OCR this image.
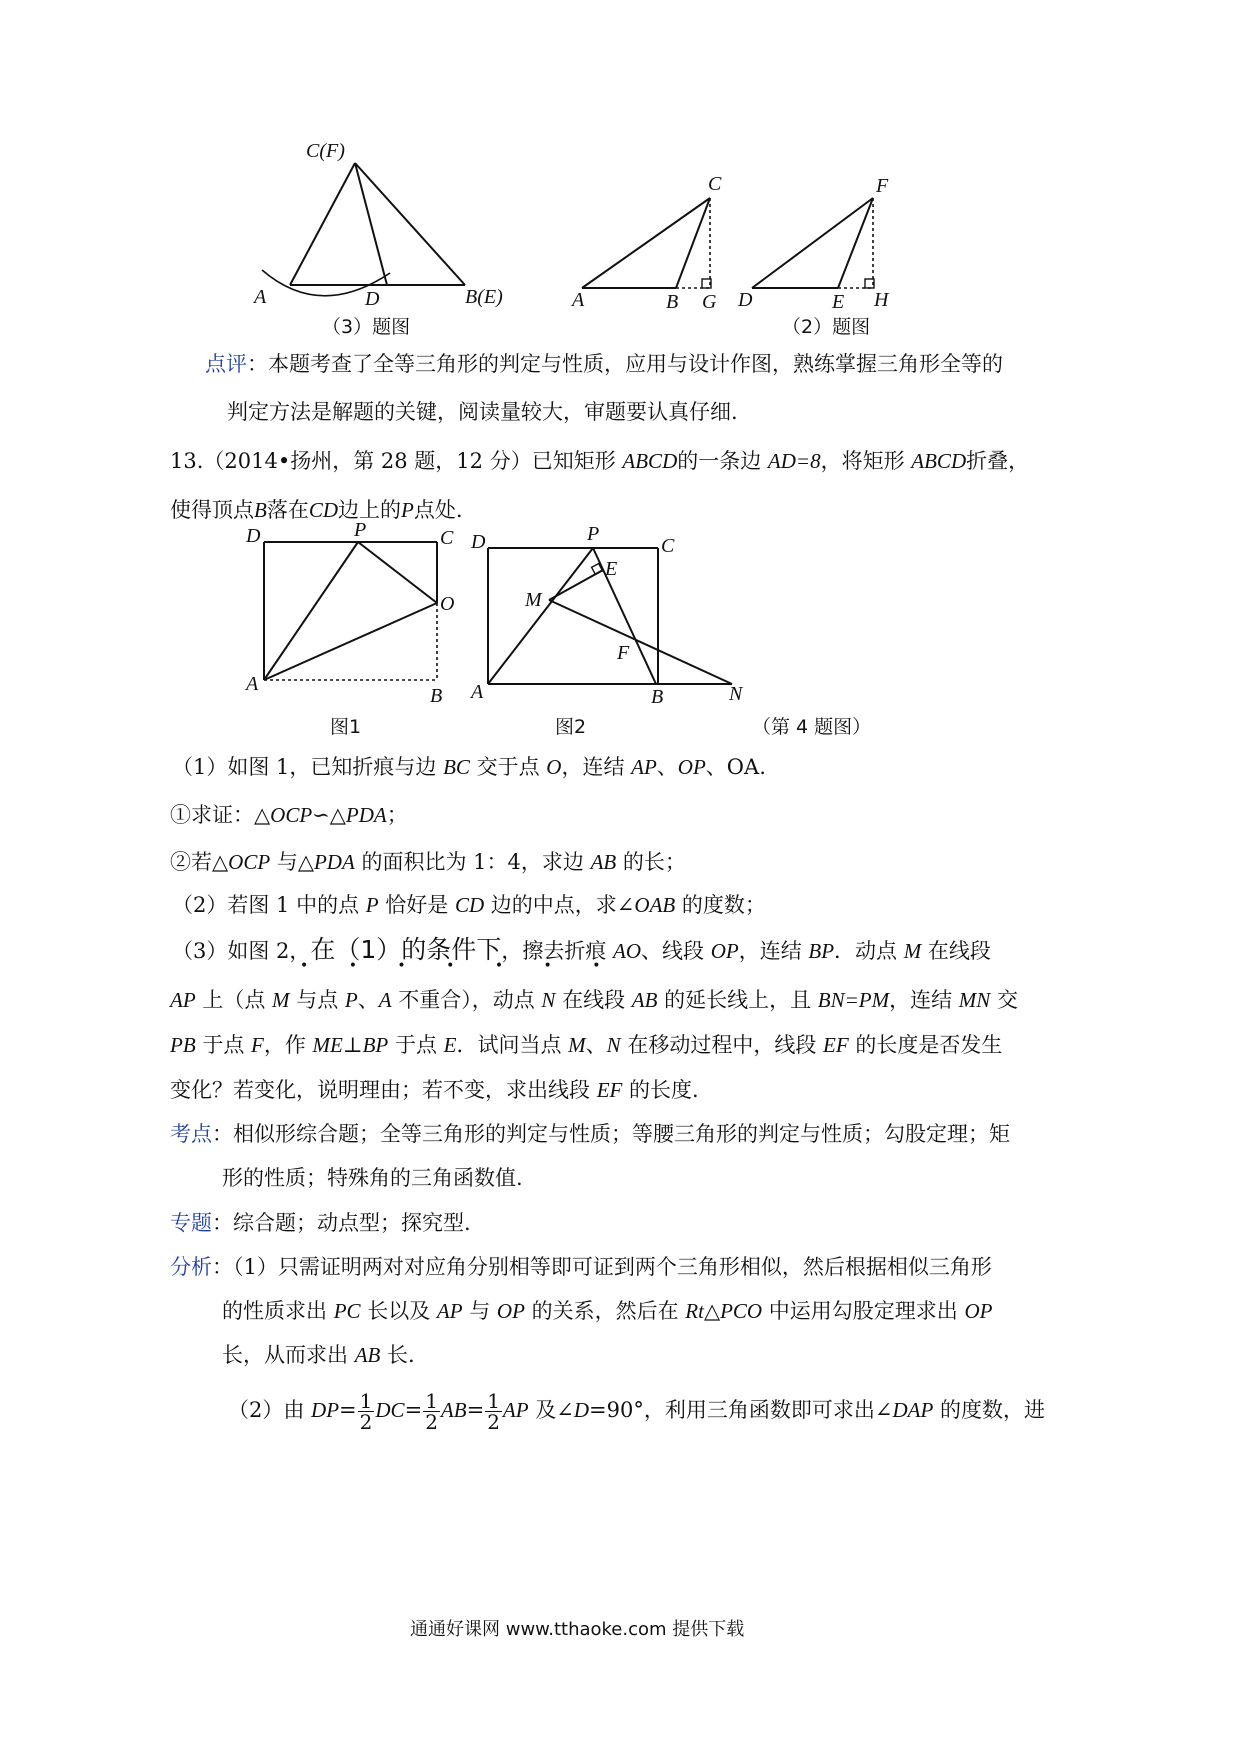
C(F)
A	D	B(E)
（3）题图
C
A	B G
F
D	E H
（2）题图
点评：本题考查了全等三角形的判定与性质，应用与设计作图，熟练掌握三角形全等的
判定方法是解题的关键，阅读量较大，审题要认真仔细.
13.（2014•扬州，第 28 题，12 分）已知矩形 ABCD的一条边 AD=8，将矩形 ABCD折叠，
使得顶点B落在CD边上的P点处.
D	P	C
O
A
B
图1
D	P
C
E
M
F
A	B	N
图2	（第 4 题图）
（1）如图 1，已知折痕与边 BC 交于点 O，连结 AP、OP、OA.
①求证：△OCP∽△PDA；
②若△OCP 与△PDA 的面积比为 1：4，求边 AB 的长；
（2）若图 1 中的点 P 恰好是 CD 边的中点，求∠OAB 的度数；
（3）如图 2，在（1）的条件下，擦去折痕 AO、线段 OP，连结 BP．动点 M 在线段
• • • • • • •
AP 上（点 M 与点 P、A 不重合），动点 N 在线段 AB 的延长线上，且 BN=PM，连结 MN 交
PB 于点 F，作 ME⊥BP 于点 E．试问当点 M、N 在移动过程中，线段 EF 的长度是否发生
变化？若变化，说明理由；若不变，求出线段 EF 的长度.
考点：相似形综合题；全等三角形的判定与性质；等腰三角形的判定与性质；勾股定理；矩
形的性质；特殊角的三角函数值.
专题：综合题；动点型；探究型.
分析：（1）只需证明两对对应角分别相等即可证到两个三角形相似，然后根据相似三角形
的性质求出 PC 长以及 AP 与 OP 的关系，然后在 Rt△PCO 中运用勾股定理求出 OP
长，从而求出 AB 长.
（2）由 $DP= \frac{1}{2} DC= \frac{1}{2} AB= \frac{1}{2}$ AP 及∠D=90°，利用三角函数即可求出∠DAP 的度数，进
通通好课网 www.tthaoke.com 提供下载
